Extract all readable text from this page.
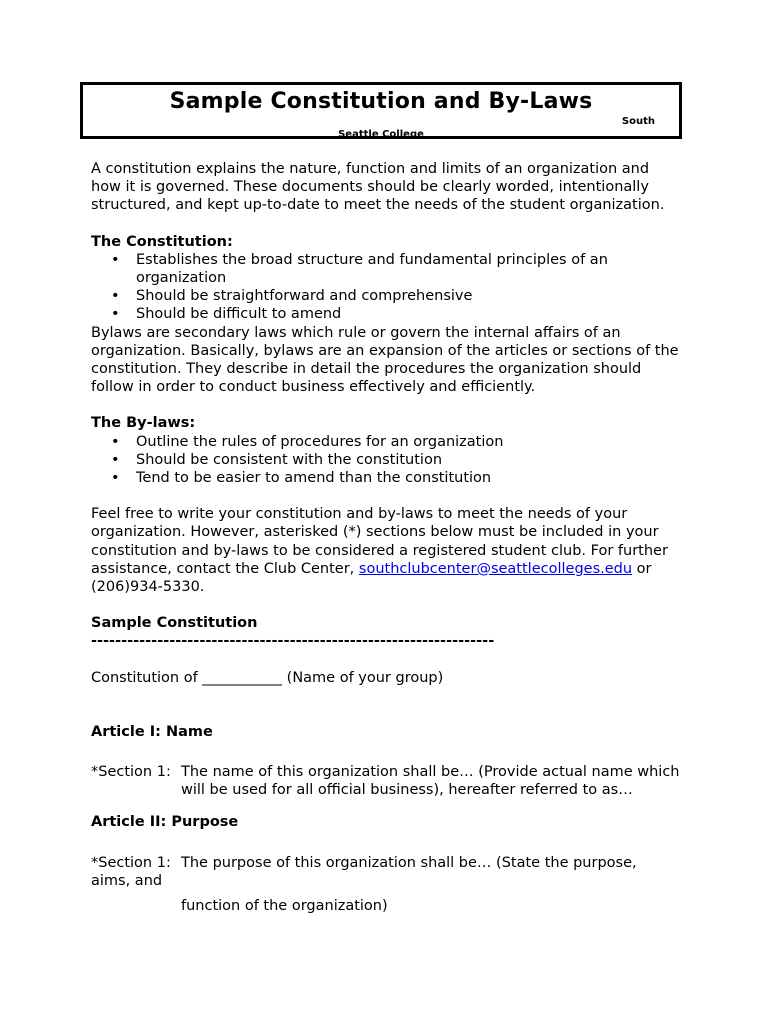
Sample Constitution and By-Laws
South
Seattle College

A constitution explains the nature, function and limits of an organization and how it is governed. These documents should be clearly worded, intentionally structured, and kept up-to-date to meet the needs of the student organization.

The Constitution:

• Establishes the broad structure and fundamental principles of an organization
• Should be straightforward and comprehensive
• Should be difficult to amend

Bylaws are secondary laws which rule or govern the internal affairs of an organization. Basically, bylaws are an expansion of the articles or sections of the constitution. They describe in detail the procedures the organization should follow in order to conduct business effectively and efficiently.

The By-laws:

• Outline the rules of procedures for an organization
• Should be consistent with the constitution
• Tend to be easier to amend than the constitution

Feel free to write your constitution and by-laws to meet the needs of your organization. However, asterisked (*) sections below must be included in your constitution and by-laws to be considered a registered student club. For further assistance, contact the Club Center, southclubcenter@seattlecolleges.edu or (206)934-5330.

Sample Constitution

-------------------------------------------------------------------

Constitution of ___________ (Name of your group)

Article I: Name

*Section 1: The name of this organization shall be… (Provide actual name which will be used for all official business), hereafter referred to as…

Article II: Purpose

*Section 1: The purpose of this organization shall be… (State the purpose,

aims, and

function of the organization)
